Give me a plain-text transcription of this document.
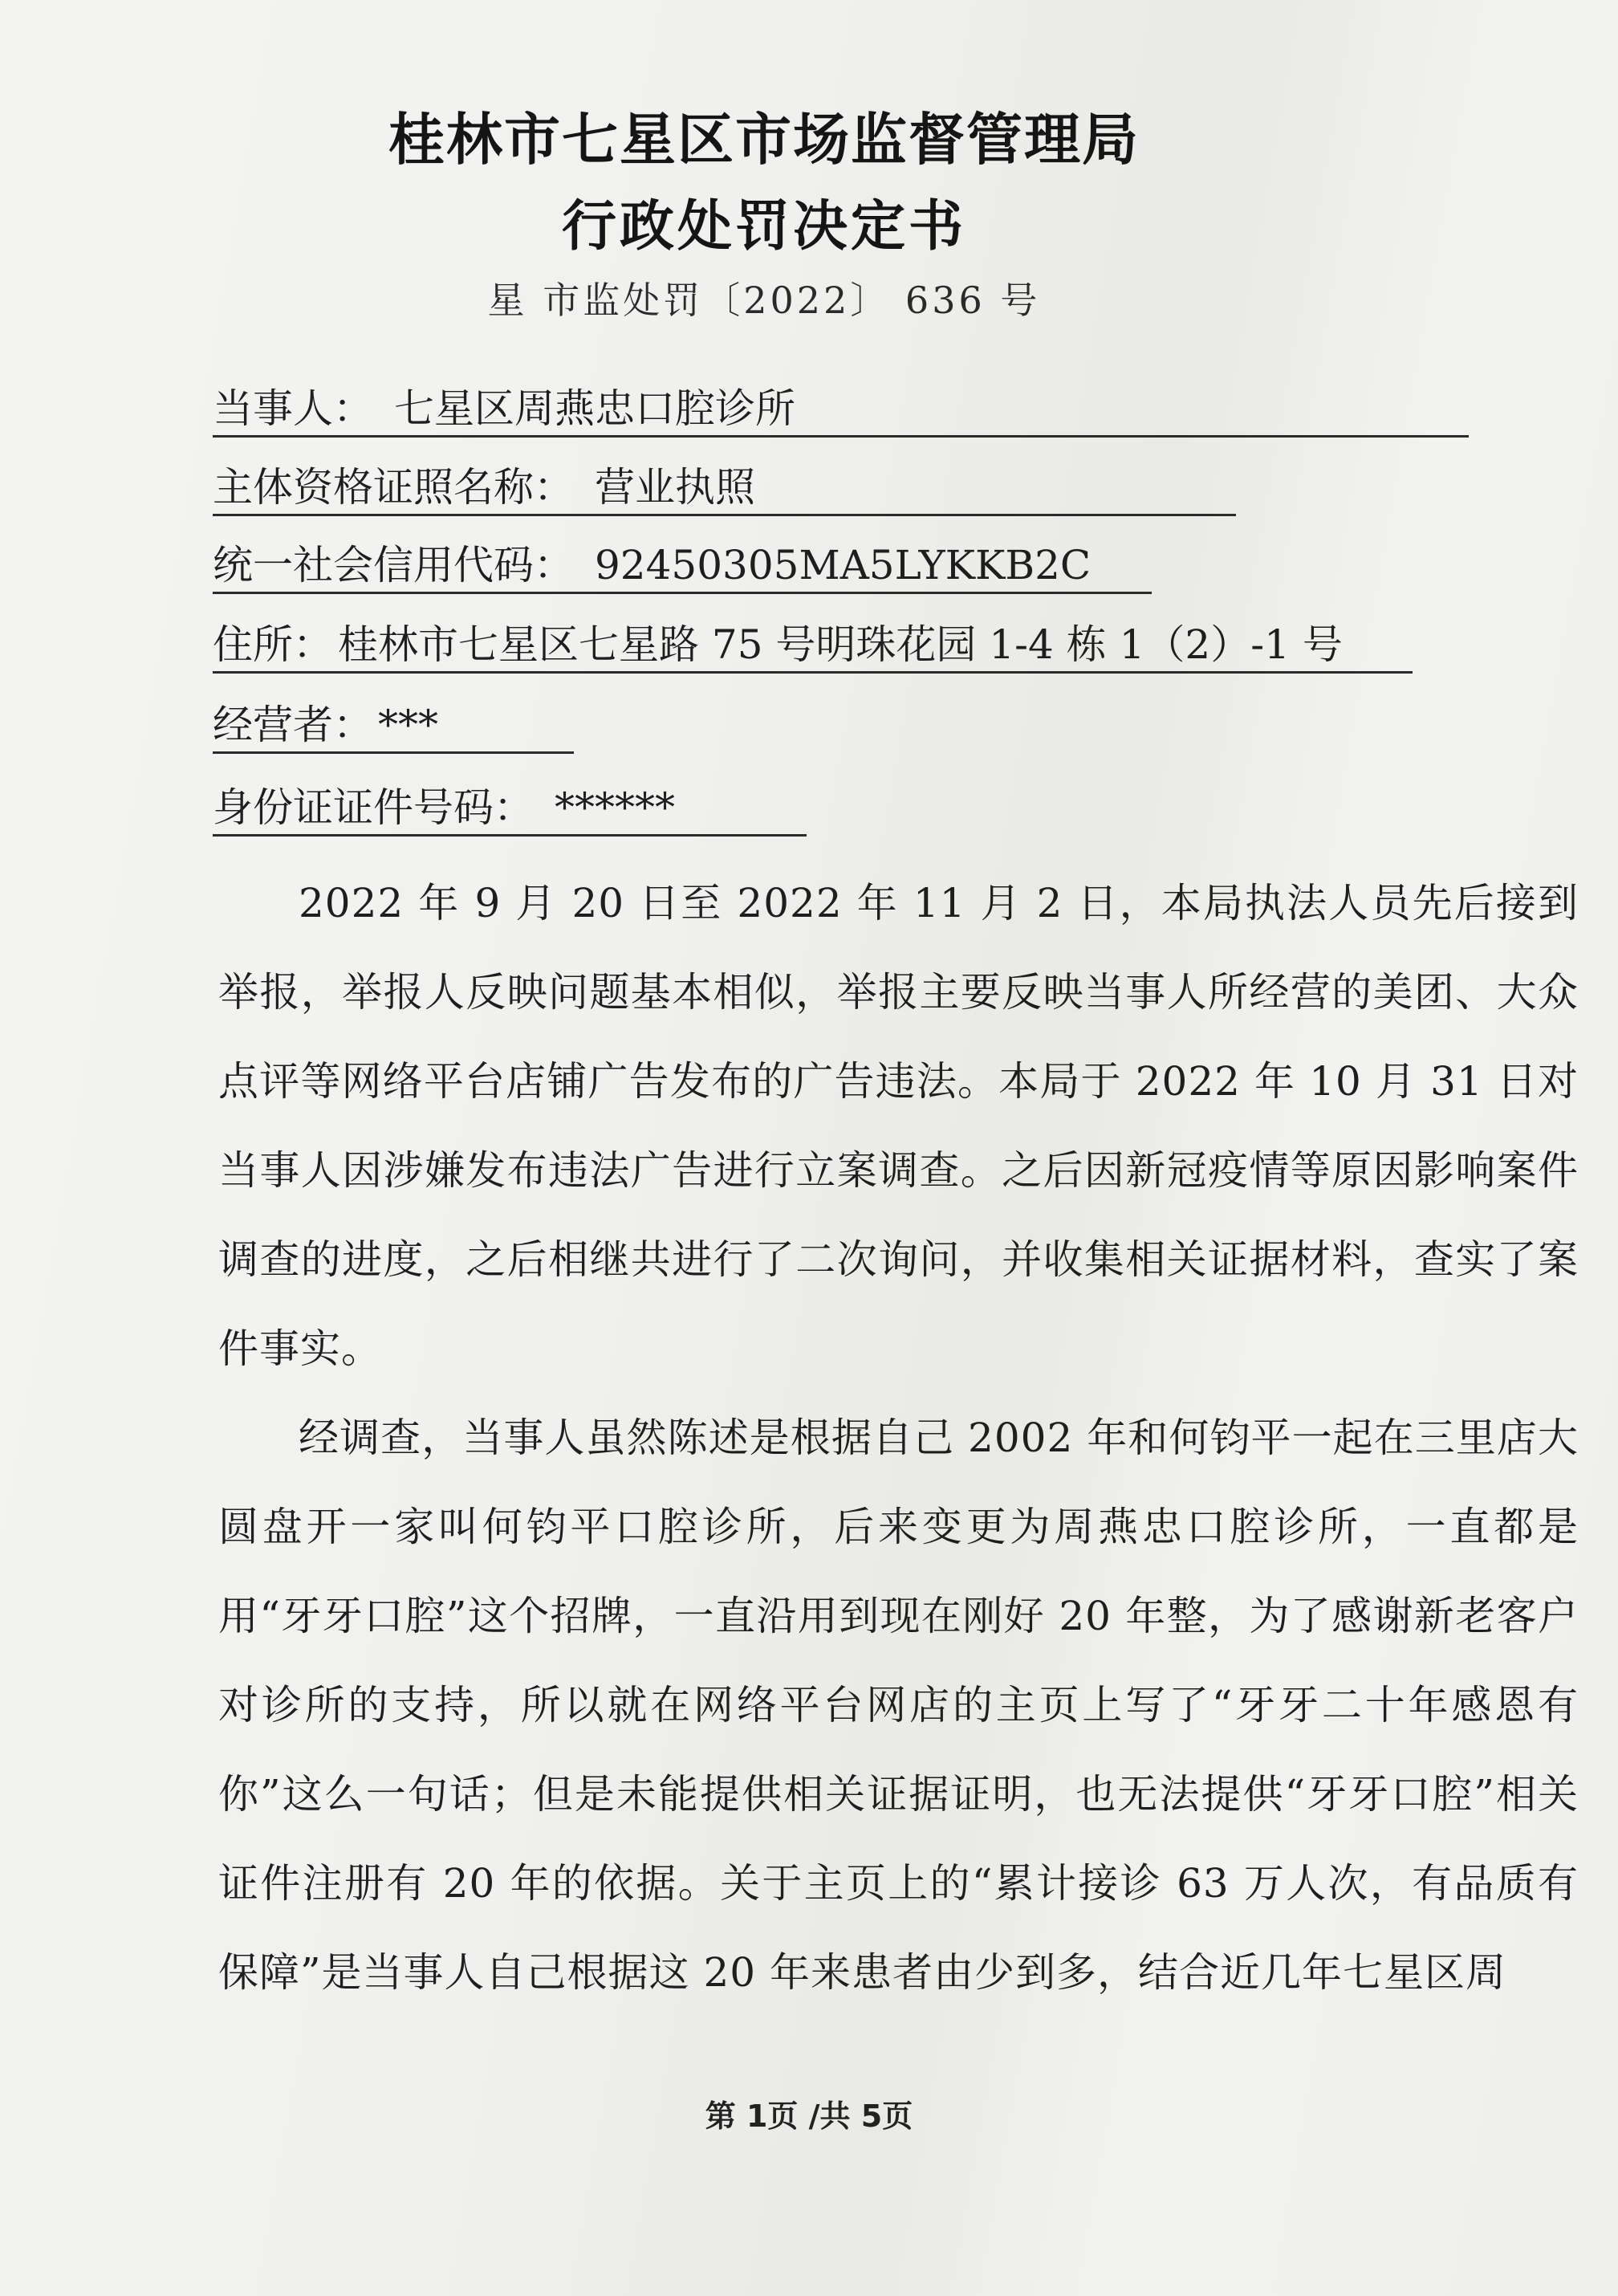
桂林市七星区市场监督管理局
行政处罚决定书
星 市监处罚〔2022〕 636 号
当事人： 七星区周燕忠口腔诊所
主体资格证照名称： 营业执照
统一社会信用代码： 92450305MA5LYKKB2C
住所： 桂林市七星区七星路 75 号明珠花园 1-4 栋 1（2）-1 号
经营者： ***
身份证证件号码： ******

2022 年 9 月 20 日至 2022 年 11 月 2 日，本局执法人员先后接到举报，举报人反映问题基本相似，举报主要反映当事人所经营的美团、大众点评等网络平台店铺广告发布的广告违法。本局于 2022 年 10 月 31 日对当事人因涉嫌发布违法广告进行立案调查。之后因新冠疫情等原因影响案件调查的进度，之后相继共进行了二次询问，并收集相关证据材料，查实了案件事实。

经调查，当事人虽然陈述是根据自己 2002 年和何钧平一起在三里店大圆盘开一家叫何钧平口腔诊所，后来变更为周燕忠口腔诊所，一直都是用“牙牙口腔”这个招牌，一直沿用到现在刚好 20 年整，为了感谢新老客户对诊所的支持，所以就在网络平台网店的主页上写了“牙牙二十年感恩有你”这么一句话；但是未能提供相关证据证明，也无法提供“牙牙口腔”相关证件注册有 20 年的依据。关于主页上的“累计接诊 63 万人次，有品质有保障”是当事人自己根据这 20 年来患者由少到多，结合近几年七星区周

第 1页 /共 5页
